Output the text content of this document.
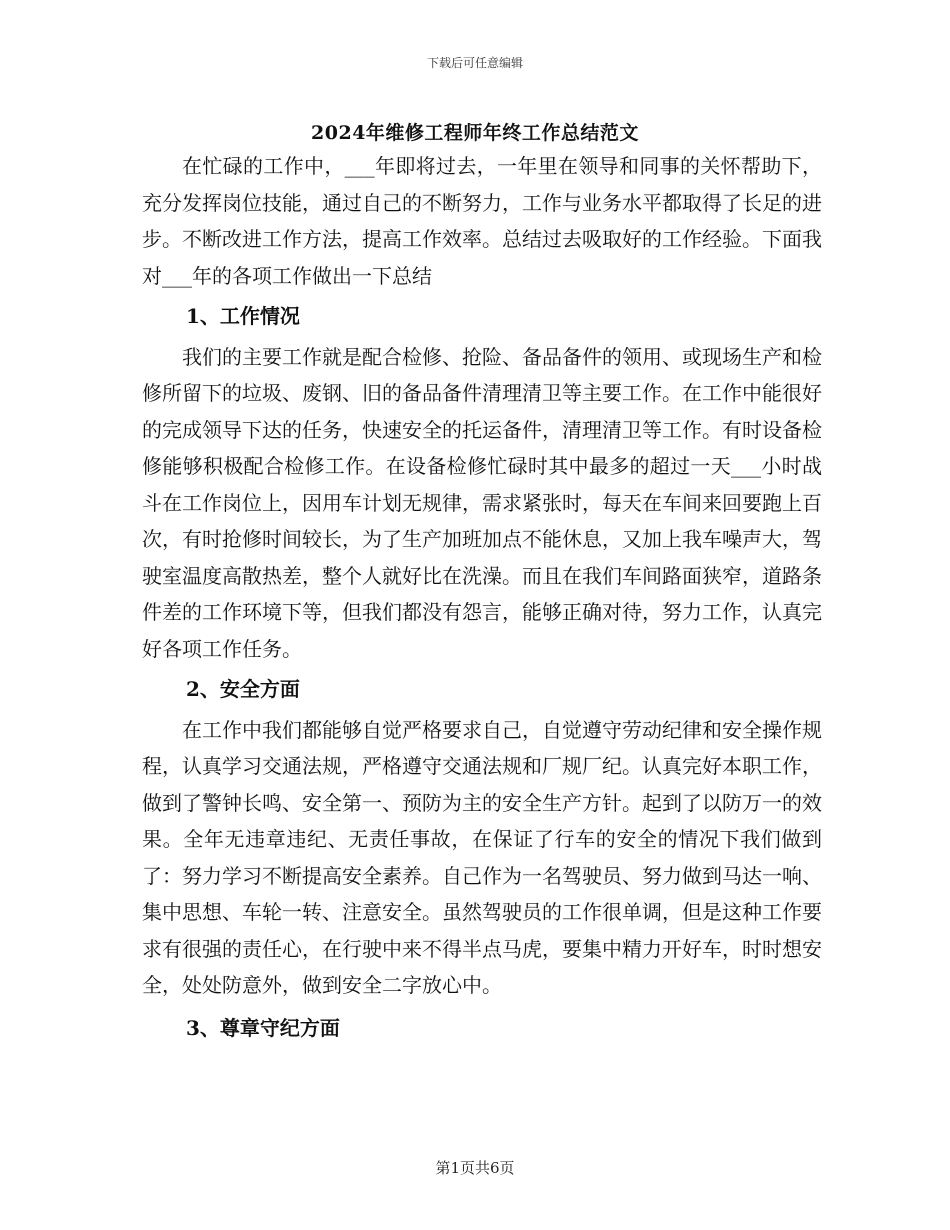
下载后可任意编辑
2024年维修工程师年终工作总结范文

在忙碌的工作中，___年即将过去，一年里在领导和同事的关怀帮助下，充分发挥岗位技能，通过自己的不断努力，工作与业务水平都取得了长足的进步。不断改进工作方法，提高工作效率。总结过去吸取好的工作经验。下面我对___年的各项工作做出一下总结

1、工作情况

我们的主要工作就是配合检修、抢险、备品备件的领用、或现场生产和检修所留下的垃圾、废钢、旧的备品备件清理清卫等主要工作。在工作中能很好的完成领导下达的任务，快速安全的托运备件，清理清卫等工作。有时设备检修能够积极配合检修工作。在设备检修忙碌时其中最多的超过一天___小时战斗在工作岗位上，因用车计划无规律，需求紧张时，每天在车间来回要跑上百次，有时抢修时间较长，为了生产加班加点不能休息，又加上我车噪声大，驾驶室温度高散热差，整个人就好比在洗澡。而且在我们车间路面狭窄，道路条件差的工作环境下等，但我们都没有怨言，能够正确对待，努力工作，认真完好各项工作任务。

2、安全方面

在工作中我们都能够自觉严格要求自己，自觉遵守劳动纪律和安全操作规程，认真学习交通法规，严格遵守交通法规和厂规厂纪。认真完好本职工作，做到了警钟长鸣、安全第一、预防为主的安全生产方针。起到了以防万一的效果。全年无违章违纪、无责任事故，在保证了行车的安全的情况下我们做到了：努力学习不断提高安全素养。自己作为一名驾驶员、努力做到马达一响、集中思想、车轮一转、注意安全。虽然驾驶员的工作很单调，但是这种工作要求有很强的责任心，在行驶中来不得半点马虎，要集中精力开好车，时时想安全，处处防意外，做到安全二字放心中。

3、尊章守纪方面

第1页共6页
